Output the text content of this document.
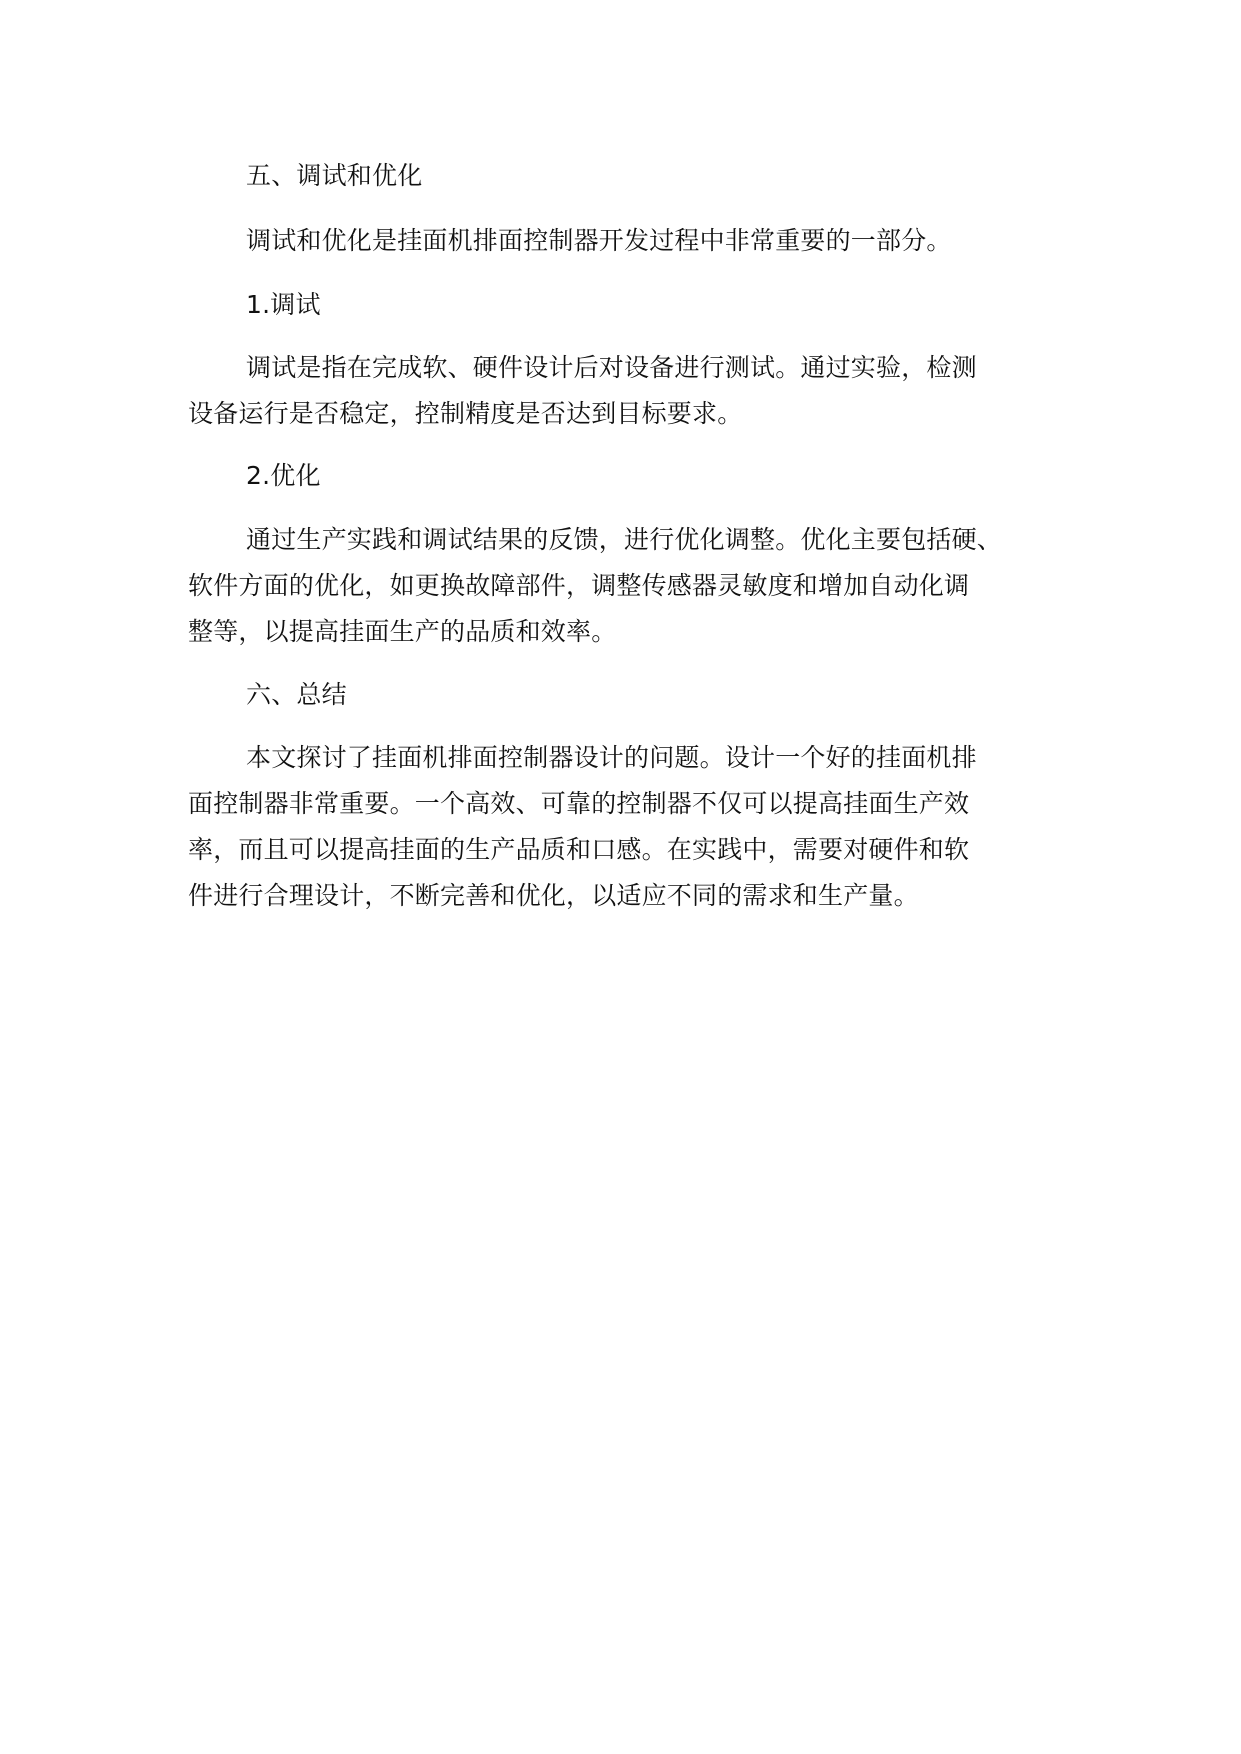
五、调试和优化
调试和优化是挂面机排面控制器开发过程中非常重要的一部分。
1.调试
调试是指在完成软、硬件设计后对设备进行测试。通过实验，检测
设备运行是否稳定，控制精度是否达到目标要求。
2.优化
通过生产实践和调试结果的反馈，进行优化调整。优化主要包括硬、
软件方面的优化，如更换故障部件，调整传感器灵敏度和增加自动化调
整等，以提高挂面生产的品质和效率。
六、总结
本文探讨了挂面机排面控制器设计的问题。设计一个好的挂面机排
面控制器非常重要。一个高效、可靠的控制器不仅可以提高挂面生产效
率，而且可以提高挂面的生产品质和口感。在实践中，需要对硬件和软
件进行合理设计，不断完善和优化，以适应不同的需求和生产量。
